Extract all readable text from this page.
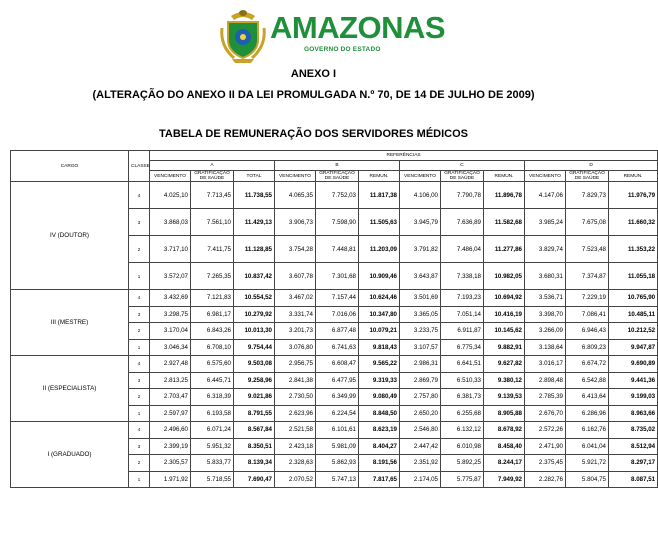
AMAZONAS
GOVERNO DO ESTADO
ANEXO I
(ALTERAÇÃO DO ANEXO II DA LEI PROMULGADA N.º 70, DE 14 DE JULHO DE 2009)
TABELA DE REMUNERAÇÃO DOS SERVIDORES MÉDICOS
CARGO	CLASSE	REFERÊNCIAS											
		A			B			C			D		
		VENCIMENTO	GRATIFICAÇÃO DE SAÚDE	TOTAL	VENCIMENTO	GRATIFICAÇÃO DE SAÚDE	REMUN.	VENCIMENTO	GRATIFICAÇÃO DE SAÚDE	REMUN.	VENCIMENTO	GRATIFICAÇÃO DE SAÚDE	REMUN.
IV (DOUTOR)	4	4.025,10	7.713,45	11.738,55	4.065,35	7.752,03	11.817,38	4.106,00	7.790,78	11.896,78	4.147,06	7.829,73	11.976,79
	3	3.868,03	7.561,10	11.429,13	3.906,73	7.598,90	11.505,63	3.945,79	7.636,89	11.582,68	3.985,24	7.675,08	11.660,32
	2	3.717,10	7.411,75	11.128,85	3.754,28	7.448,81	11.203,09	3.791,82	7.486,04	11.277,86	3.829,74	7.523,48	11.353,22
	1	3.572,07	7.265,35	10.837,42	3.607,78	7.301,68	10.909,46	3.643,87	7.338,18	10.982,05	3.680,31	7.374,87	11.055,18
III (MESTRE)	4	3.432,69	7.121,83	10.554,52	3.467,02	7.157,44	10.624,46	3.501,69	7.193,23	10.694,92	3.536,71	7.229,19	10.765,90
	3	3.298,75	6.981,17	10.279,92	3.331,74	7.016,06	10.347,80	3.365,05	7.051,14	10.416,19	3.398,70	7.086,41	10.485,11
	2	3.170,04	6.843,26	10.013,30	3.201,73	6.877,48	10.079,21	3.233,75	6.911,87	10.145,62	3.266,09	6.946,43	10.212,52
	1	3.046,34	6.708,10	9.754,44	3.076,80	6.741,63	9.818,43	3.107,57	6.775,34	9.882,91	3.138,64	6.809,23	9.947,87
II (ESPECIALISTA)	4	2.927,48	6.575,60	9.503,08	2.956,75	6.608,47	9.565,22	2.986,31	6.641,51	9.627,82	3.016,17	6.674,72	9.690,89
	3	2.813,25	6.445,71	9.258,96	2.841,38	6.477,95	9.319,33	2.869,79	6.510,33	9.380,12	2.898,48	6.542,88	9.441,36
	2	2.703,47	6.318,39	9.021,86	2.730,50	6.349,99	9.080,49	2.757,80	6.381,73	9.139,53	2.785,39	6.413,64	9.199,03
	1	2.597,97	6.193,58	8.791,55	2.623,96	6.224,54	8.848,50	2.650,20	6.255,68	8.905,88	2.676,70	6.286,96	8.963,66
I (GRADUADO)	4	2.496,60	6.071,24	8.567,84	2.521,58	6.101,61	8.623,19	2.546,80	6.132,12	8.678,92	2.572,26	6.162,76	8.735,02
	3	2.399,19	5.951,32	8.350,51	2.423,18	5.981,09	8.404,27	2.447,42	6.010,98	8.458,40	2.471,90	6.041,04	8.512,94
	2	2.305,57	5.833,77	8.139,34	2.328,63	5.862,93	8.191,56	2.351,92	5.892,25	8.244,17	2.375,45	5.921,72	8.297,17
	1	1.971,92	5.718,55	7.690,47	2.070,52	5.747,13	7.817,65	2.174,05	5.775,87	7.949,92	2.282,76	5.804,75	8.087,51
